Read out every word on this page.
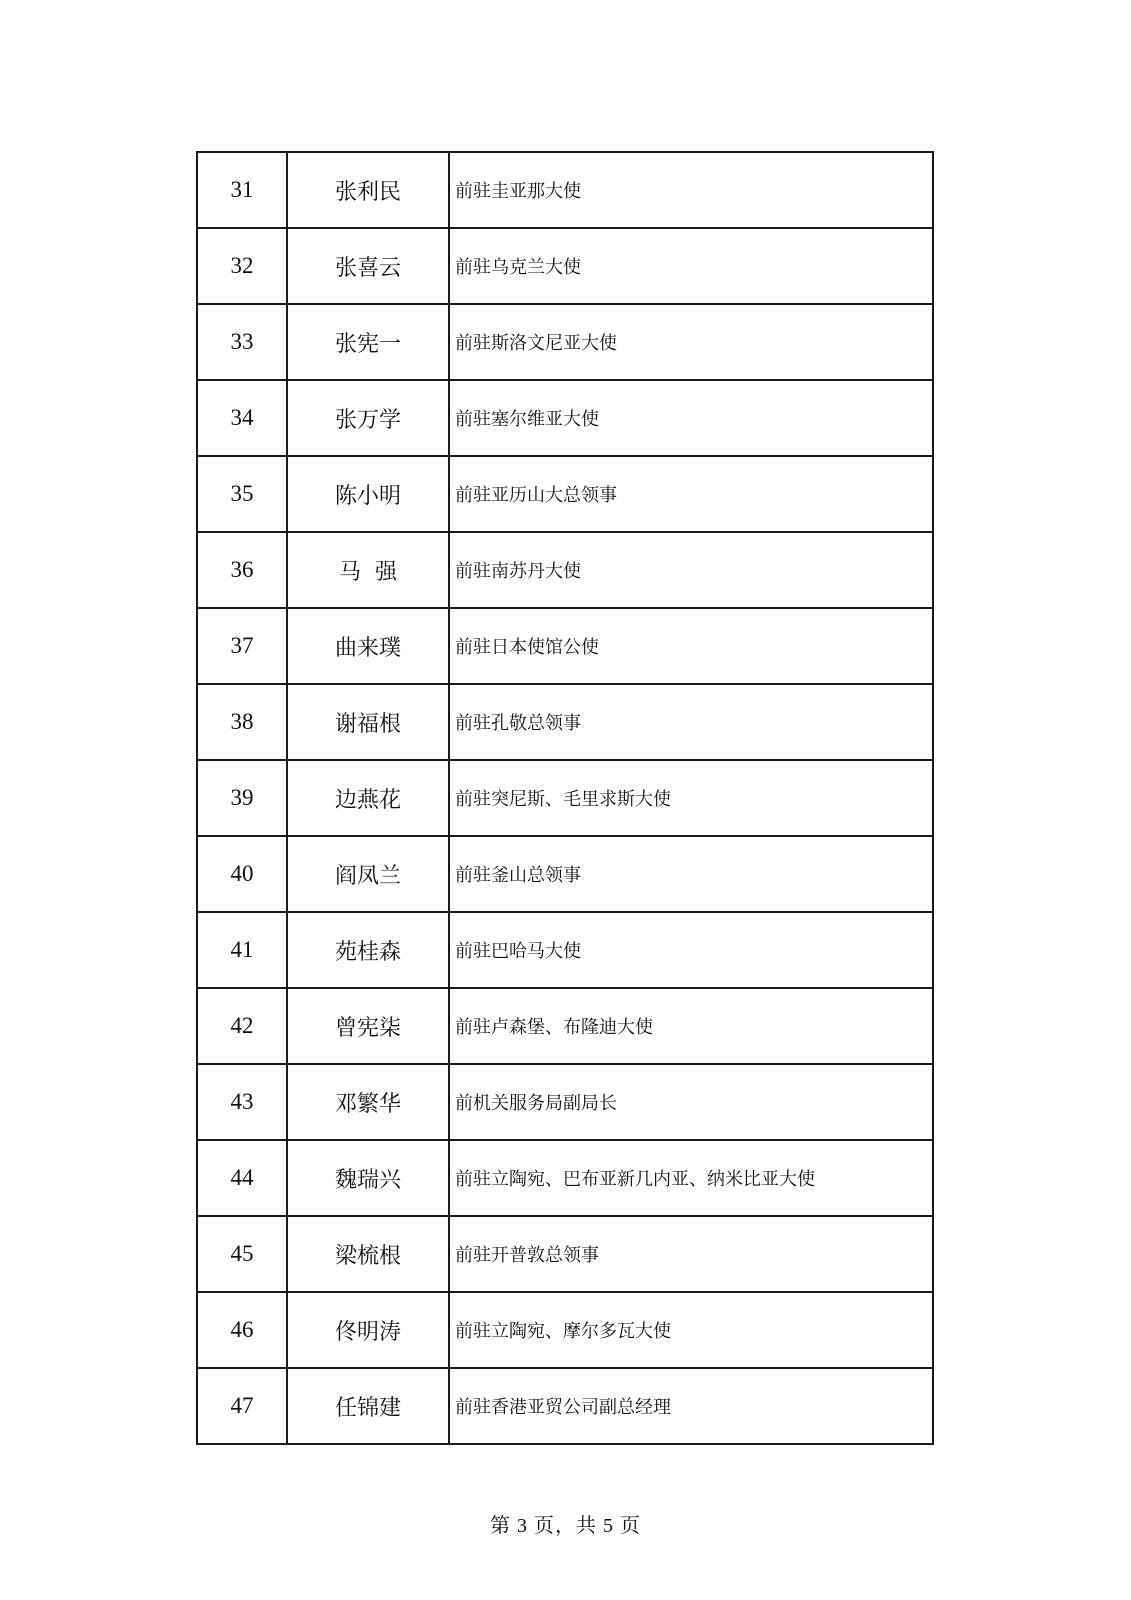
31	张利民	前驻圭亚那大使
32	张喜云	前驻乌克兰大使
33	张宪一	前驻斯洛文尼亚大使
34	张万学	前驻塞尔维亚大使
35	陈小明	前驻亚历山大总领事
36	马  强	前驻南苏丹大使
37	曲来璞	前驻日本使馆公使
38	谢福根	前驻孔敬总领事
39	边燕花	前驻突尼斯、毛里求斯大使
40	阎凤兰	前驻釜山总领事
41	苑桂森	前驻巴哈马大使
42	曾宪柒	前驻卢森堡、布隆迪大使
43	邓繁华	前机关服务局副局长
44	魏瑞兴	前驻立陶宛、巴布亚新几内亚、纳米比亚大使
45	梁梳根	前驻开普敦总领事
46	佟明涛	前驻立陶宛、摩尔多瓦大使
47	任锦建	前驻香港亚贸公司副总经理
第 3 页，共 5 页
